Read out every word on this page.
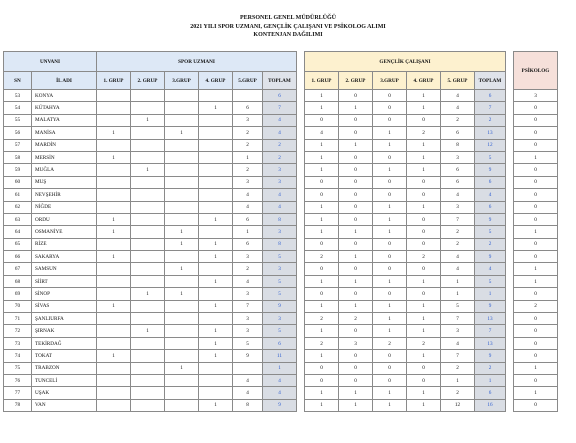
PERSONEL GENEL MÜDÜRLÜĞÜ
2021 YILI SPOR UZMANI, GENÇLİK ÇALIŞANI VE PSİKOLOG ALIMI
KONTENJAN DAĞILIMI
UNVANI		SPOR UZMANI							GENÇLİK ÇALIŞANI							PSİKOLOG
SN	İL ADI	1. GRUP	2. GRUP	3.GRUP	4. GRUP	5.GRUP	TOPLAM		1. GRUP	2. GRUP	3.GRUP	4. GRUP	5. GRUP	TOPLAM		
53	KONYA						6		1	0	0	1	4	6		3
54	KÜTAHYA				1	6	7		1	1	0	1	4	7		0
55	MALATYA		1			3	4		0	0	0	0	2	2		0
56	MANİSA	1		1		2	4		4	0	1	2	6	13		0
57	MARDİN					2	2		1	1	1	1	8	12		0
58	MERSİN	1				1	2		1	0	0	1	3	5		1
59	MUĞLA		1			2	3		1	0	1	1	6	9		0
60	MUŞ					3	3		0	0	0	0	6	6		0
61	NEVŞEHİR					4	4		0	0	0	0	4	4		0
62	NİĞDE					4	4		1	0	1	1	3	6		0
63	ORDU	1			1	6	8		1	0	1	0	7	9		0
64	OSMANİYE	1		1		1	3		1	1	1	0	2	5		1
65	RİZE			1	1	6	8		0	0	0	0	2	2		0
66	SAKARYA	1			1	3	5		2	1	0	2	4	9		0
67	SAMSUN			1		2	3		0	0	0	0	4	4		1
68	SİİRT				1	4	5		1	1	1	1	1	5		1
69	SİNOP		1	1		3	5		0	0	0	0	1	1		0
70	SİVAS	1			1	7	9		1	1	1	1	5	9		2
71	ŞANLIURFA					3	3		2	2	1	1	7	13		0
72	ŞIRNAK		1		1	3	5		1	0	1	1	3	7		0
73	TEKİRDAĞ				1	5	6		2	3	2	2	4	13		0
74	TOKAT	1			1	9	11		1	0	0	1	7	9		0
75	TRABZON			1			1		0	0	0	0	2	2		1
76	TUNCELİ					4	4		0	0	0	0	1	1		0
77	UŞAK					4	4		1	1	1	1	2	6		1
78	VAN				1	8	9		1	1	1	1	12	16		0
